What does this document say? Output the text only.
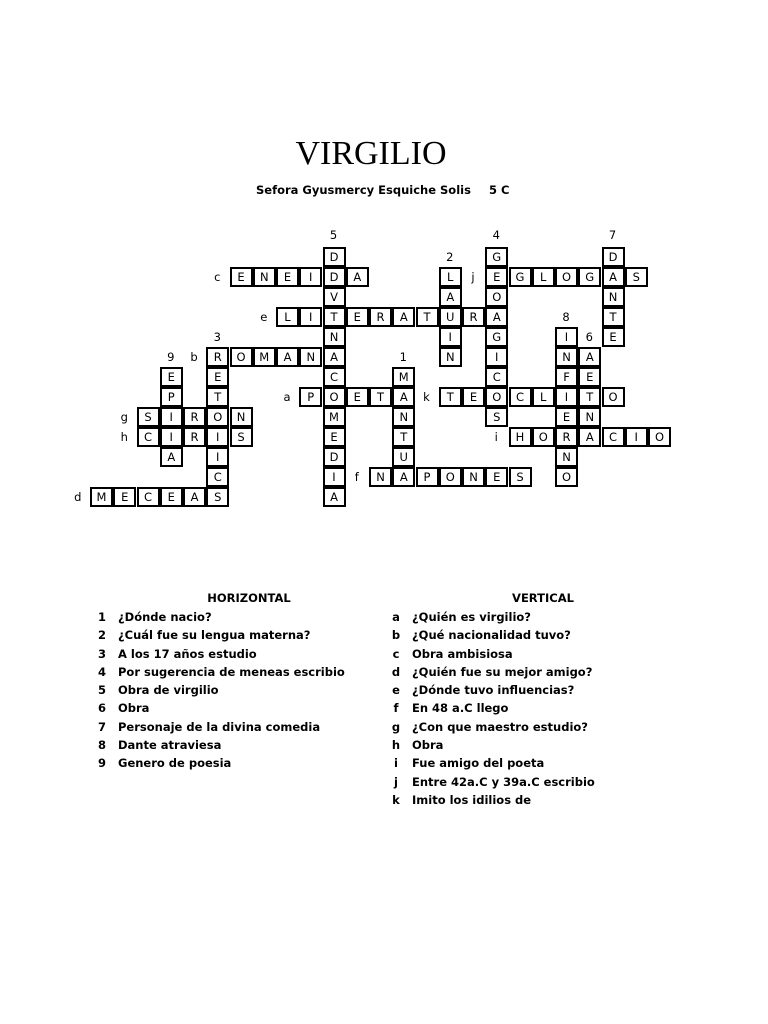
VIRGILIO
Sefora Gyusmercy Esquiche Solis 5 C
D	G	D
E	N	E	I	D	A	L	E	G	L	O	G	A	S
V	A	O	N
L	I	T	E	R	A	T	U	R	A	T
N	I	G	I	E
R	O	M	A	N	A	N	I	N	A
E	E	C	M	C	F	E
P	T	P	O	E	T	A	T	E	O	C	L	I	T	O
S	I	R	O	N	M	N	S	E	N
C	I	R	I	S	E	T	H	O	R	A	C	I	O
A	I	D	U	N
C	I	N	A	P	O	N	E	S	O
M	E	C	E	A	S	A
5	4	7
2
c	j
e	8
3	6
9	b	1
a	k
g
h	i
f
d
HORIZONTAL
1 ¿Dónde nacio?
2 ¿Cuál fue su lengua materna?
3 A los 17 años estudio
4 Por sugerencia de meneas escribio
5 Obra de virgilio
6 Obra
7 Personaje de la divina comedia
8 Dante atraviesa
9 Genero de poesia
VERTICAL
a ¿Quién es virgilio?
b ¿Qué nacionalidad tuvo?
c Obra ambisiosa
d ¿Quién fue su mejor amigo?
e ¿Dónde tuvo influencias?
f En 48 a.C llego
g ¿Con que maestro estudio?
h Obra
i Fue amigo del poeta
j Entre 42a.C y 39a.C escribio
k Imito los idilios de
